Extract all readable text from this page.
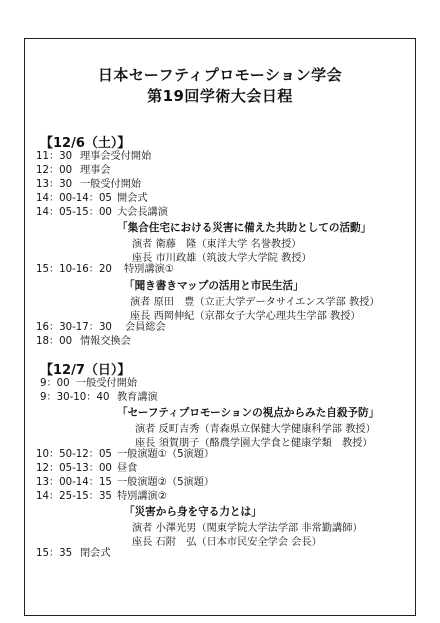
日本セーフティプロモーション学会
第19回学術大会日程
【12/6（土）】
11：30 理事会受付開始
12：00 理事会
13：30 一般受付開始
14：00-14：05 開会式
14：05-15：00 大会長講演
「集合住宅における災害に備えた共助としての活動」
演者 衛藤　隆（東洋大学 名誉教授）
座長 市川政雄（筑波大学大学院 教授）
15：10-16：20 特別講演①
「聞き書きマップの活用と市民生活」
演者 原田　豊（立正大学データサイエンス学部 教授）
座長 西岡伸紀（京都女子大学心理共生学部 教授）
16：30-17：30 会員総会
18：00 情報交換会
【12/7（日）】
9：00 一般受付開始
9：30-10：40 教育講演
「セーフティプロモーションの視点からみた自殺予防」
演者 反町吉秀（青森県立保健大学健康科学部 教授）
座長 須賀朋子（酪農学園大学食と健康学類　教授）
10：50-12：05 一般演題①（5演題）
12：05-13：00 昼食
13：00-14：15 一般演題②（5演題）
14：25-15：35 特別講演②
「災害から身を守る力とは」
演者 小澤光男（関東学院大学法学部 非常勤講師）
座長 石附　弘（日本市民安全学会 会長）
15：35 閉会式
